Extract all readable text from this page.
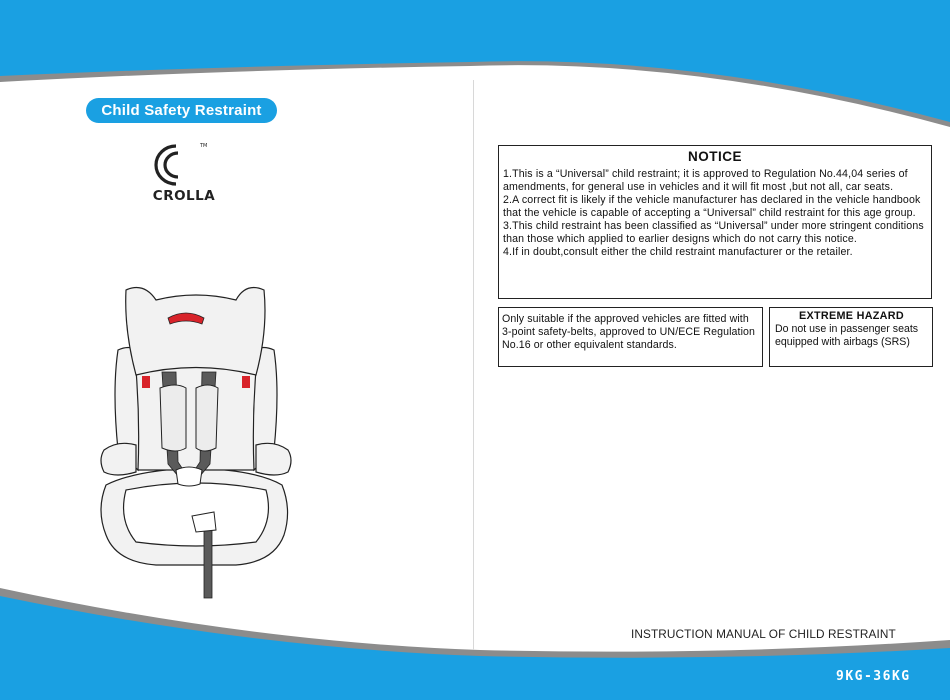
Child Safety Restraint
TM
CROLLA
NOTICE

1.This is a “Universal” child restraint; it is approved to Regulation No.44,04 series of amendments, for general use in vehicles and it will fit most ,but not all, car seats.

2.A correct fit is likely if the vehicle manufacturer has declared in the vehicle handbook that the vehicle is capable of accepting a “Universal” child restraint for this age group.

3.This child restraint has been classified as “Universal” under more stringent conditions than those which applied to earlier designs which do not carry this notice.

4.If in doubt,consult either the child restraint manufacturer or the retailer.

Only suitable if the approved vehicles are fitted with 3-point safety-belts, approved to UN/ECE Regulation No.16 or other equivalent standards.
EXTREME HAZARD
Do not use in passenger seats equipped with airbags (SRS)
INSTRUCTION MANUAL OF CHILD RESTRAINT
9KG-36KG
